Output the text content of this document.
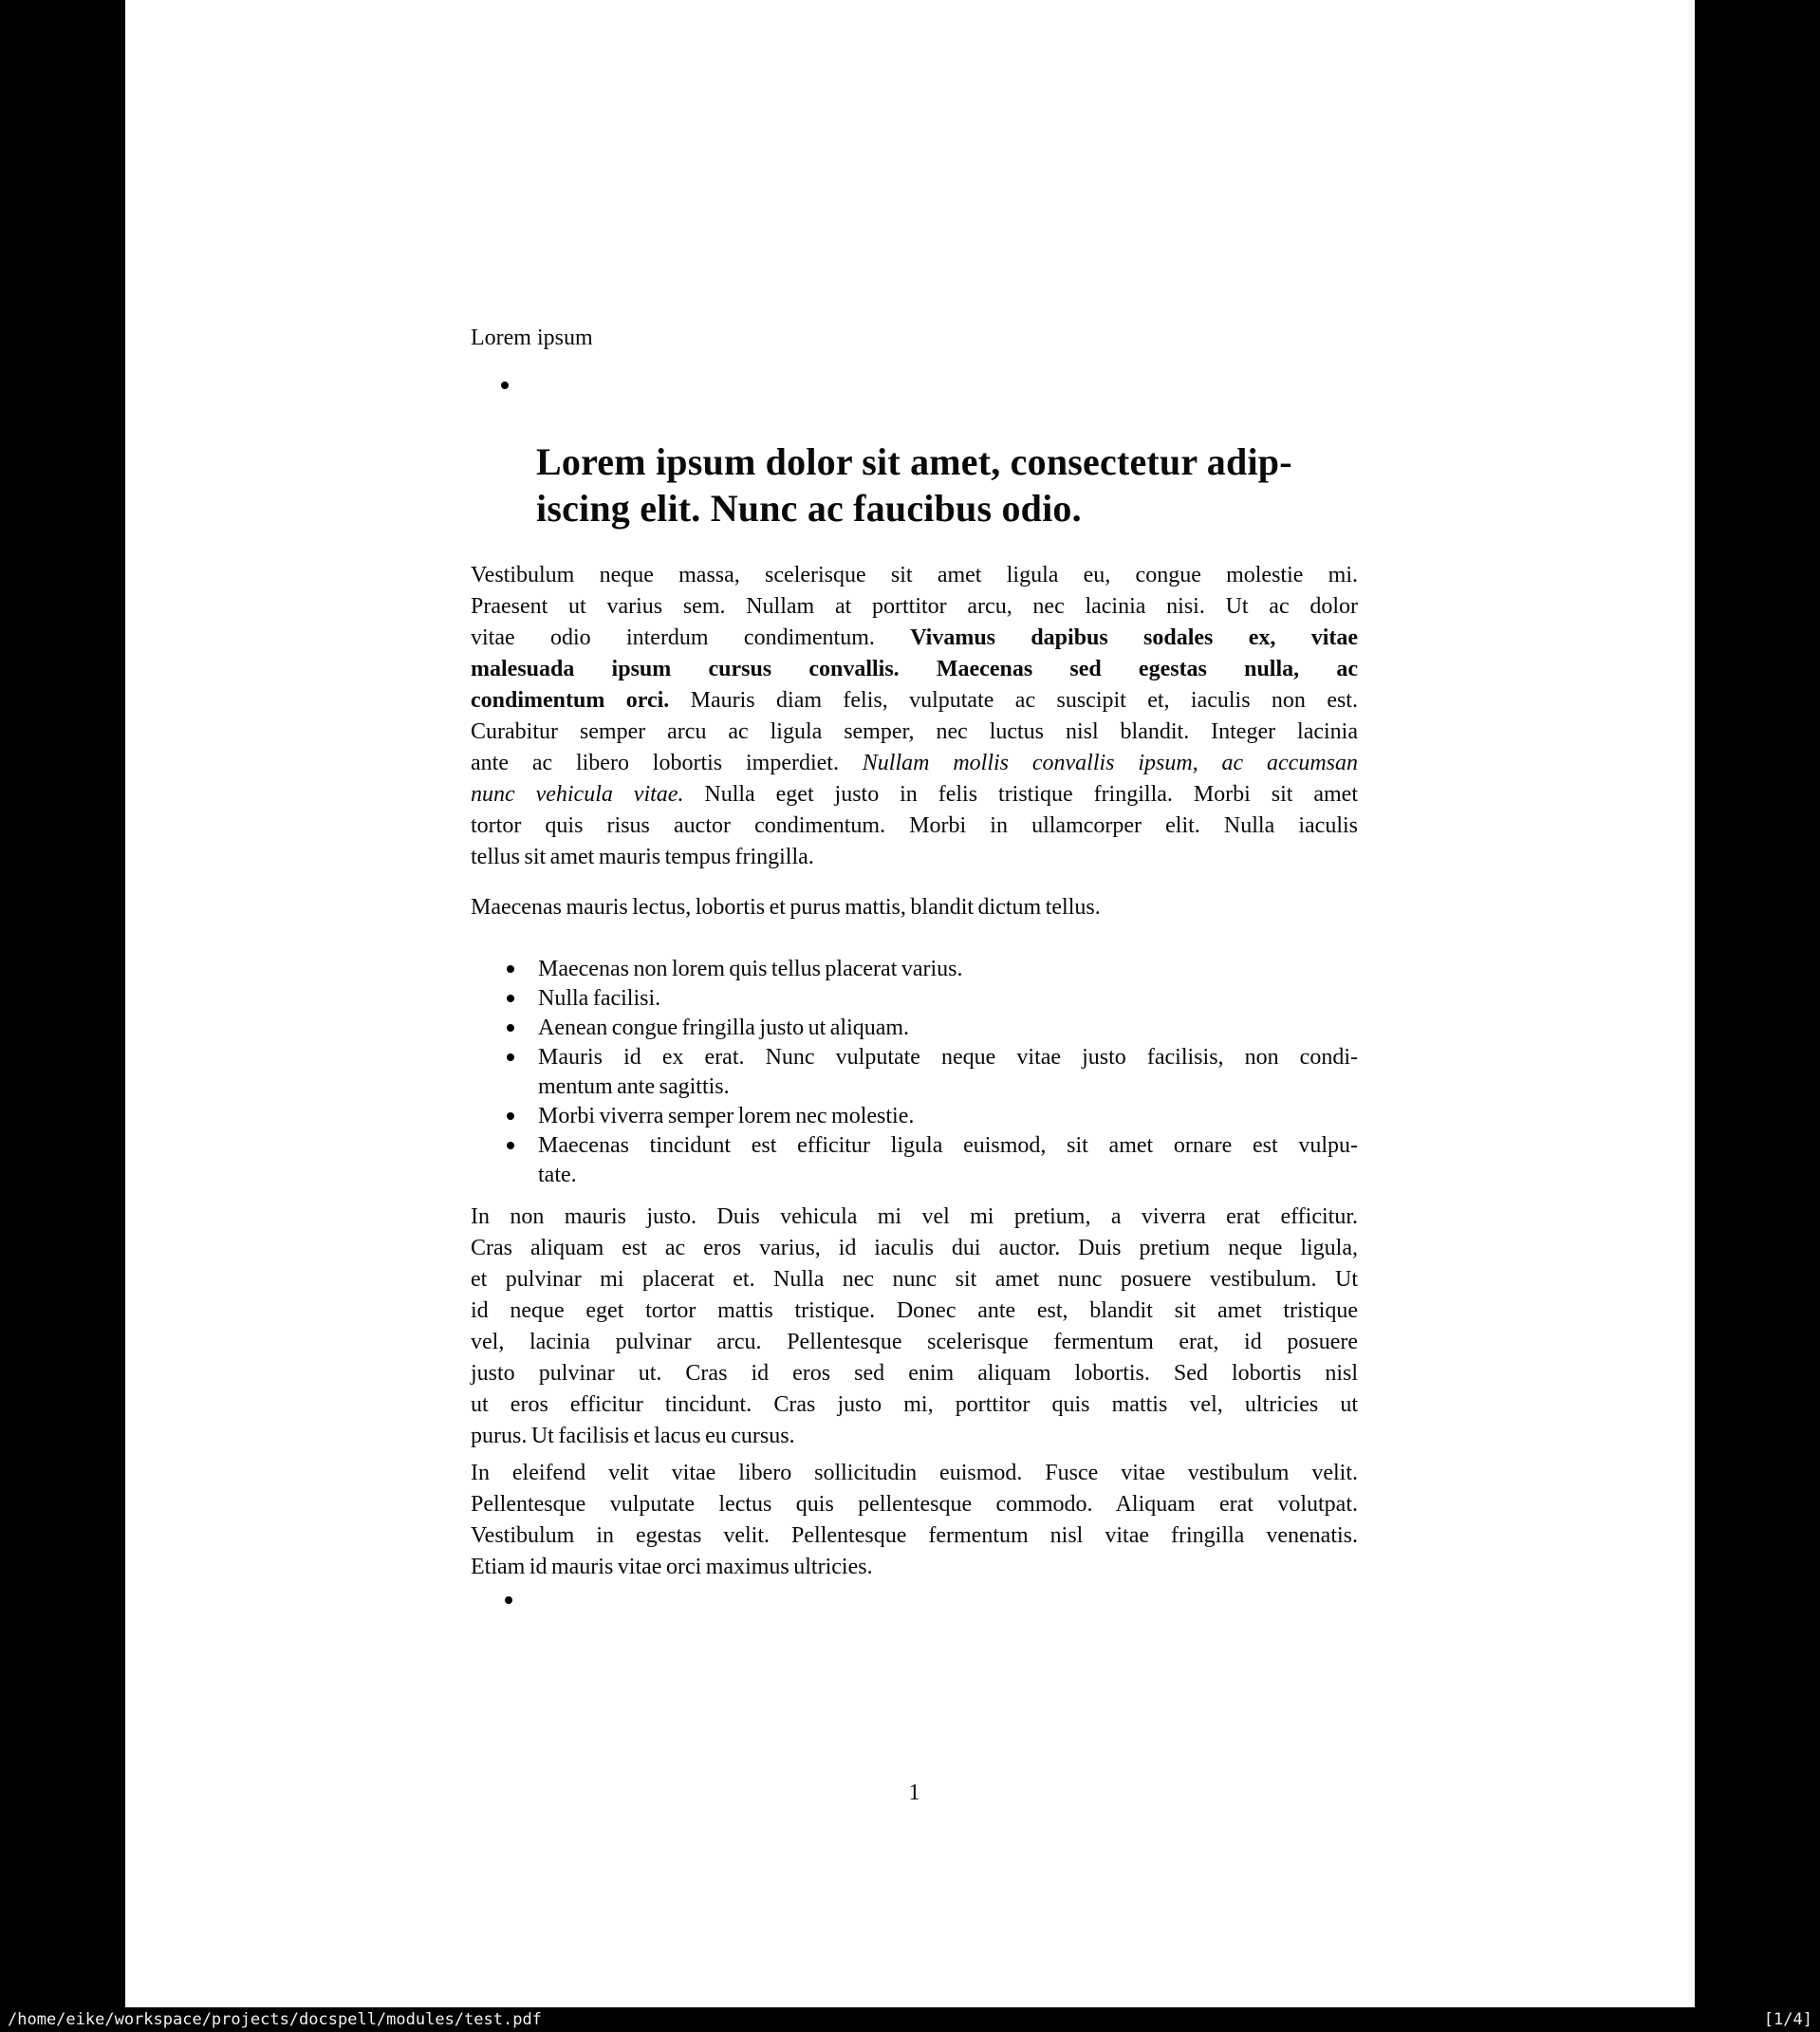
Lorem ipsum
Lorem ipsum dolor sit amet, consectetur adip-
iscing elit. Nunc ac faucibus odio.
Vestibulum neque massa, scelerisque sit amet ligula eu, congue molestie mi.
Praesent ut varius sem. Nullam at porttitor arcu, nec lacinia nisi. Ut ac dolor
vitae odio interdum condimentum. Vivamus dapibus sodales ex, vitae
malesuada ipsum cursus convallis. Maecenas sed egestas nulla, ac
condimentum orci. Mauris diam felis, vulputate ac suscipit et, iaculis non est.
Curabitur semper arcu ac ligula semper, nec luctus nisl blandit. Integer lacinia
ante ac libero lobortis imperdiet. Nullam mollis convallis ipsum, ac accumsan
nunc vehicula vitae. Nulla eget justo in felis tristique fringilla. Morbi sit amet
tortor quis risus auctor condimentum. Morbi in ullamcorper elit. Nulla iaculis
tellus sit amet mauris tempus fringilla.
Maecenas mauris lectus, lobortis et purus mattis, blandit dictum tellus.
Maecenas non lorem quis tellus placerat varius.
Nulla facilisi.
Aenean congue fringilla justo ut aliquam.
Mauris id ex erat. Nunc vulputate neque vitae justo facilisis, non condi-
mentum ante sagittis.
Morbi viverra semper lorem nec molestie.
Maecenas tincidunt est efficitur ligula euismod, sit amet ornare est vulpu-
tate.
In non mauris justo. Duis vehicula mi vel mi pretium, a viverra erat efficitur.
Cras aliquam est ac eros varius, id iaculis dui auctor. Duis pretium neque ligula,
et pulvinar mi placerat et. Nulla nec nunc sit amet nunc posuere vestibulum. Ut
id neque eget tortor mattis tristique. Donec ante est, blandit sit amet tristique
vel, lacinia pulvinar arcu. Pellentesque scelerisque fermentum erat, id posuere
justo pulvinar ut. Cras id eros sed enim aliquam lobortis. Sed lobortis nisl
ut eros efficitur tincidunt. Cras justo mi, porttitor quis mattis vel, ultricies ut
purus. Ut facilisis et lacus eu cursus.
In eleifend velit vitae libero sollicitudin euismod. Fusce vitae vestibulum velit.
Pellentesque vulputate lectus quis pellentesque commodo. Aliquam erat volutpat.
Vestibulum in egestas velit. Pellentesque fermentum nisl vitae fringilla venenatis.
Etiam id mauris vitae orci maximus ultricies.
1
/home/eike/workspace/projects/docspell/modules/test.pdf	[1/4]
